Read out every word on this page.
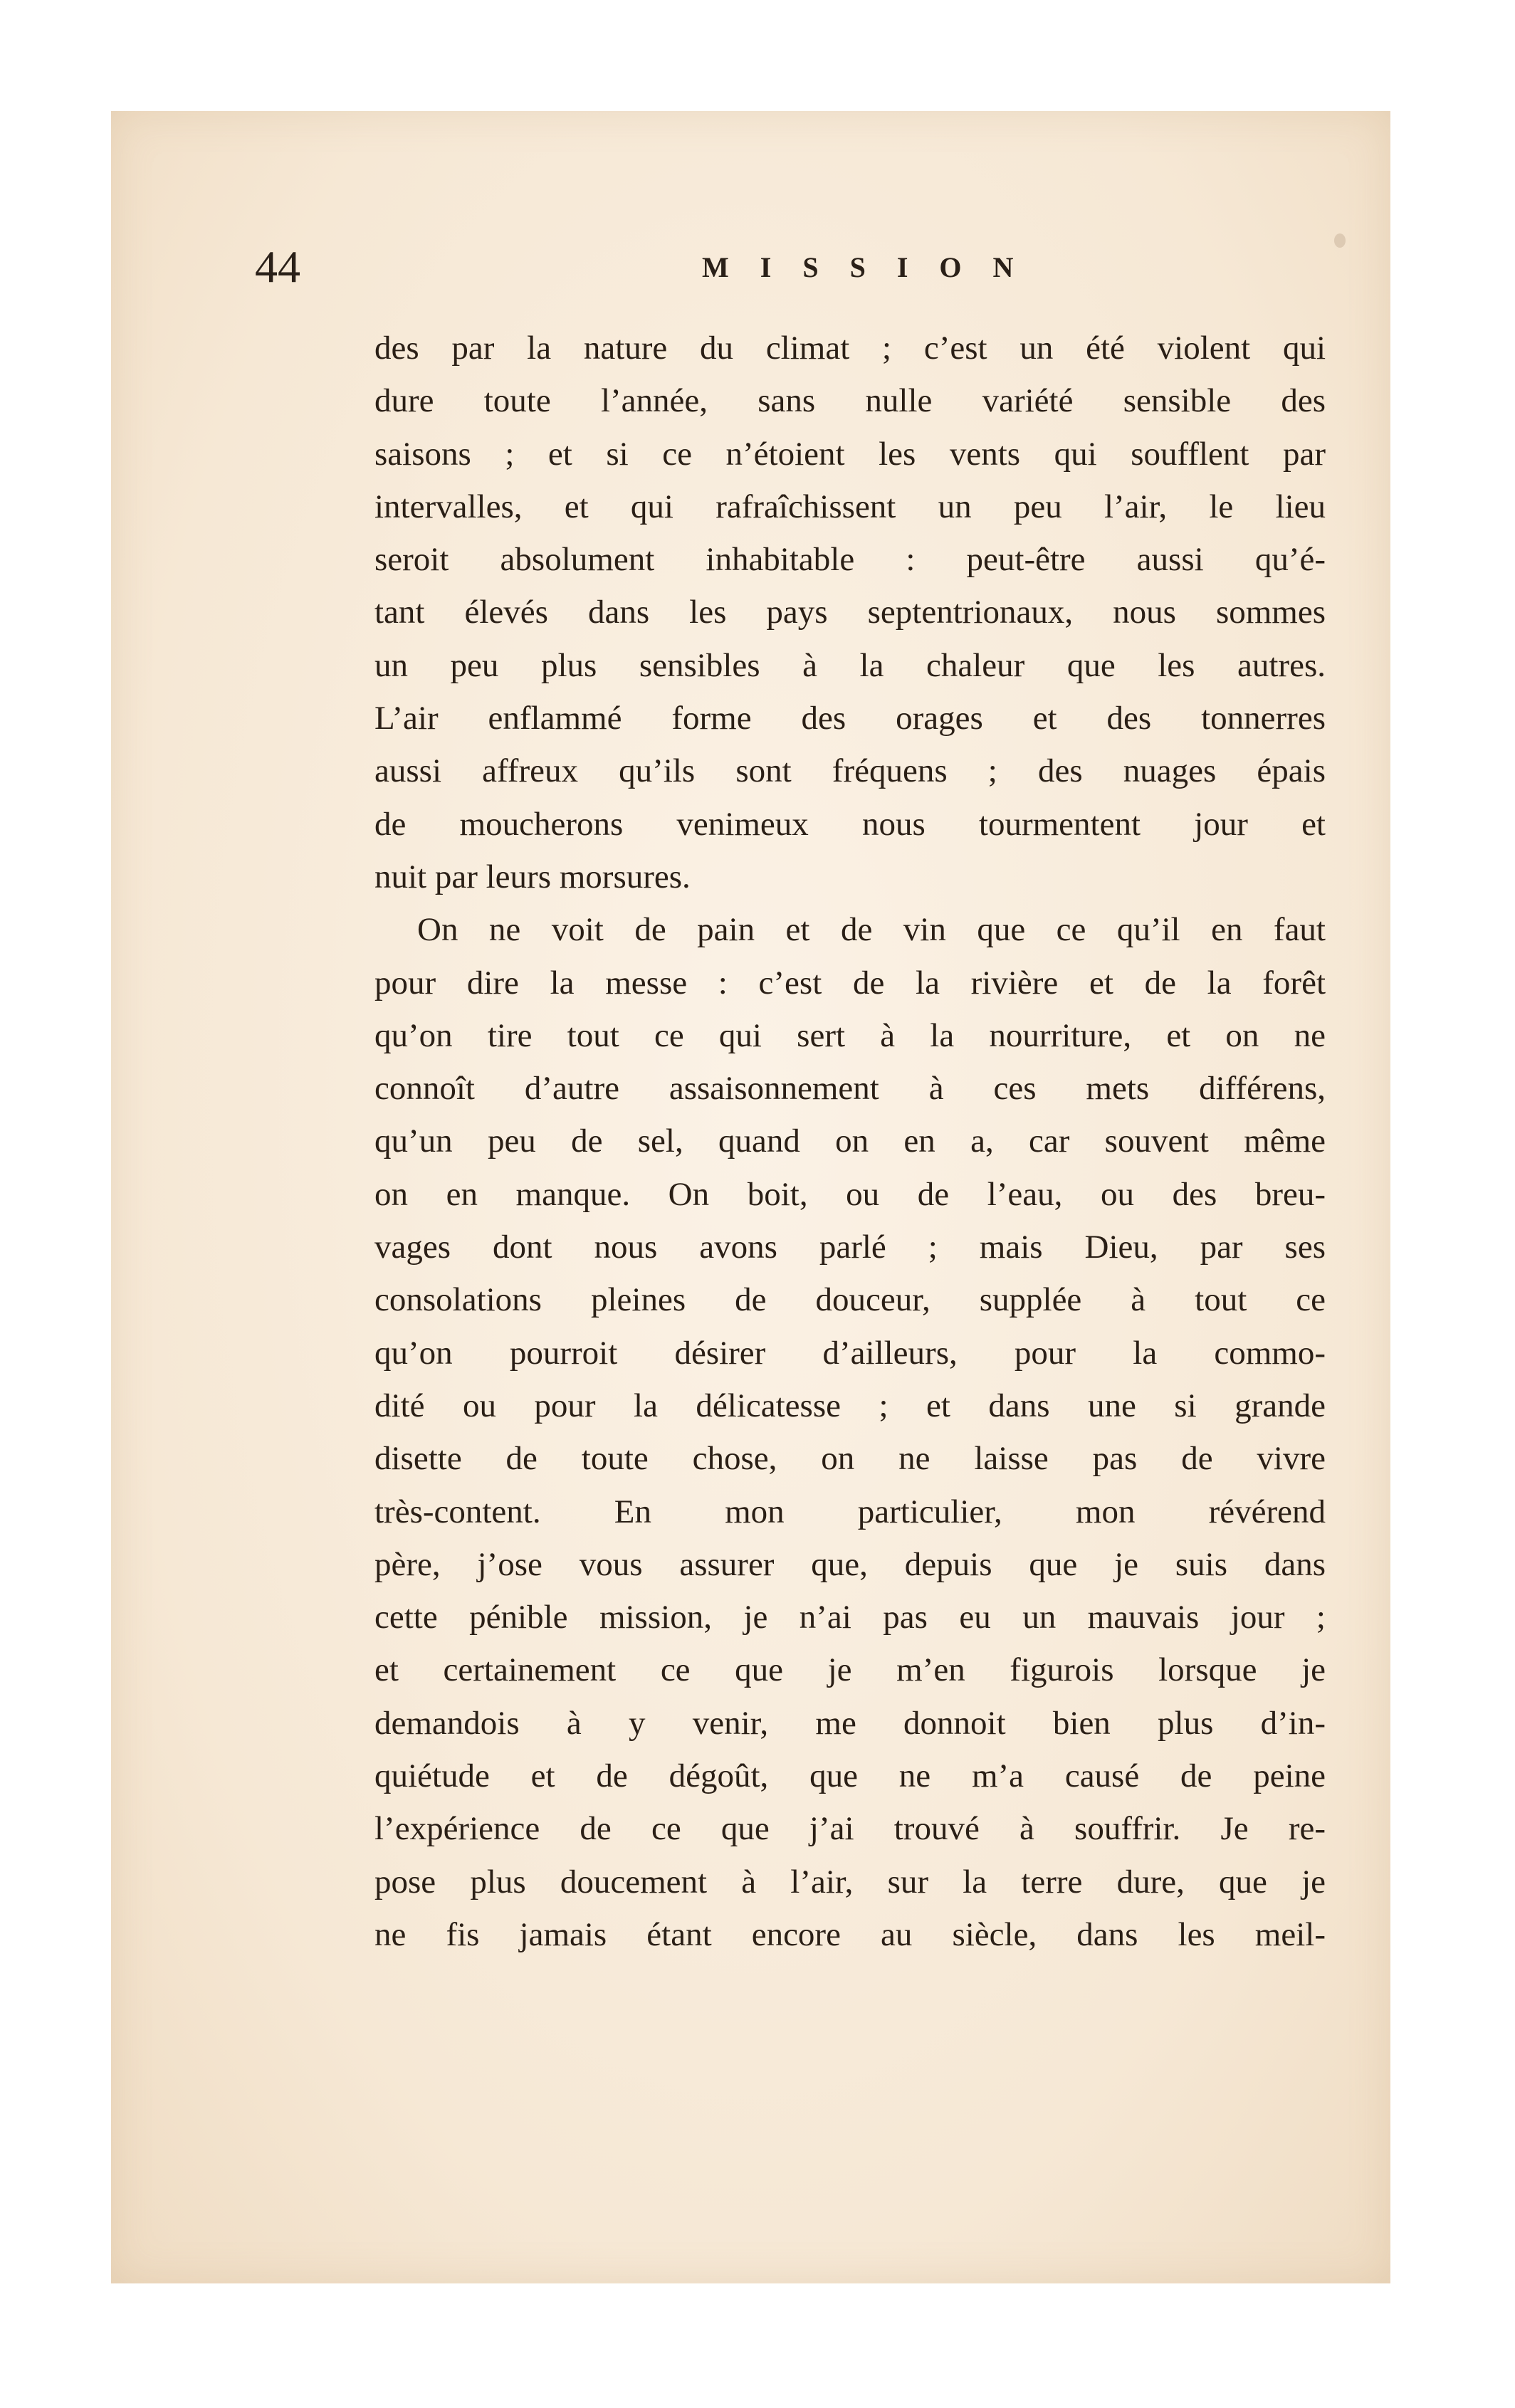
44	MISSION
des par la nature du climat ; c’est un été violent qui
dure toute l’année, sans nulle variété sensible des
saisons ; et si ce n’étoient les vents qui soufflent par
intervalles, et qui rafraîchissent un peu l’air, le lieu
seroit absolument inhabitable : peut-être aussi qu’é-
tant élevés dans les pays septentrionaux, nous sommes
un peu plus sensibles à la chaleur que les autres.
L’air enflammé forme des orages et des tonnerres
aussi affreux qu’ils sont fréquens ; des nuages épais
de moucherons venimeux nous tourmentent jour et
nuit par leurs morsures.
On ne voit de pain et de vin que ce qu’il en faut
pour dire la messe : c’est de la rivière et de la forêt
qu’on tire tout ce qui sert à la nourriture, et on ne
connoît d’autre assaisonnement à ces mets différens,
qu’un peu de sel, quand on en a, car souvent même
on en manque. On boit, ou de l’eau, ou des breu-
vages dont nous avons parlé ; mais Dieu, par ses
consolations pleines de douceur, supplée à tout ce
qu’on pourroit désirer d’ailleurs, pour la commo-
dité ou pour la délicatesse ; et dans une si grande
disette de toute chose, on ne laisse pas de vivre
très-content. En mon particulier, mon révérend
père, j’ose vous assurer que, depuis que je suis dans
cette pénible mission, je n’ai pas eu un mauvais jour ;
et certainement ce que je m’en figurois lorsque je
demandois à y venir, me donnoit bien plus d’in-
quiétude et de dégoût, que ne m’a causé de peine
l’expérience de ce que j’ai trouvé à souffrir. Je re-
pose plus doucement à l’air, sur la terre dure, que je
ne fis jamais étant encore au siècle, dans les meil-
